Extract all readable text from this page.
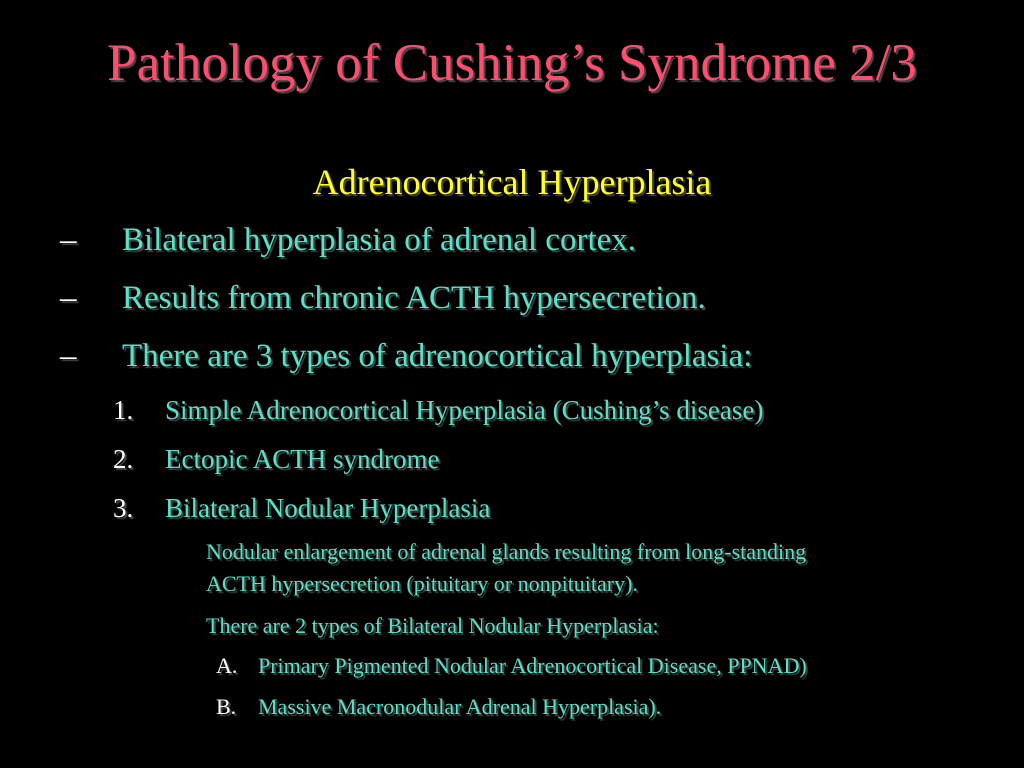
Pathology of Cushing’s Syndrome 2/3
Adrenocortical Hyperplasia
– Bilateral hyperplasia of adrenal cortex.
– Results from chronic ACTH hypersecretion.
– There are 3 types of adrenocortical hyperplasia:
1. Simple Adrenocortical Hyperplasia (Cushing’s disease)
2. Ectopic ACTH syndrome
3. Bilateral Nodular Hyperplasia
Nodular enlargement of adrenal glands resulting from long-standing
ACTH hypersecretion (pituitary or nonpituitary).
There are 2 types of Bilateral Nodular Hyperplasia:
A. Primary Pigmented Nodular Adrenocortical Disease, PPNAD)
B. Massive Macronodular Adrenal Hyperplasia).
